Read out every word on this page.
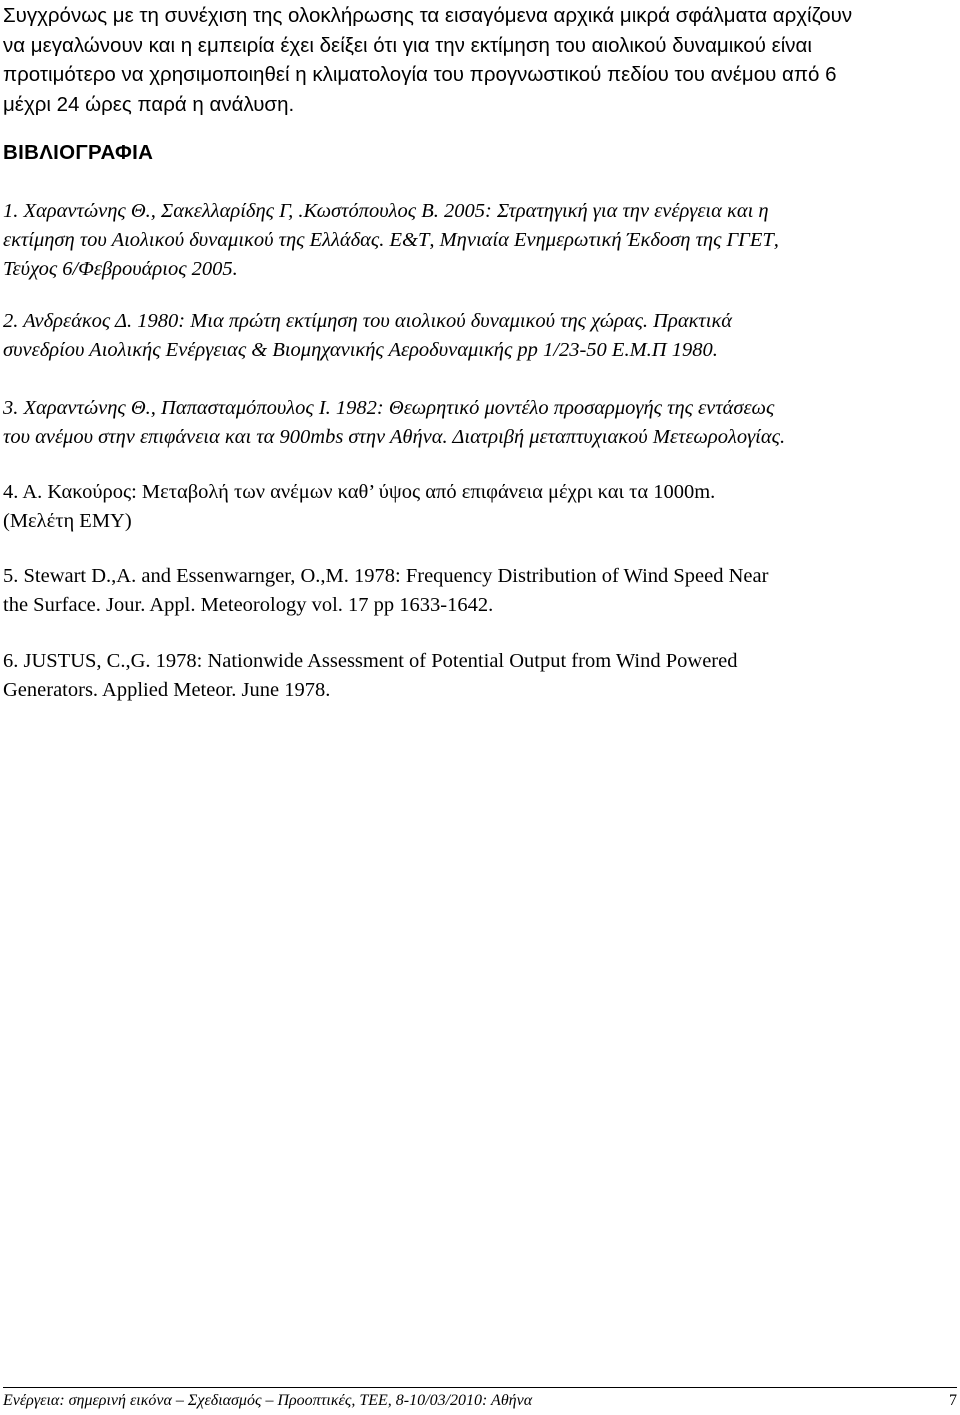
Συγχρόνως με τη συνέχιση της ολοκλήρωσης τα εισαγόμενα αρχικά μικρά σφάλματα αρχίζουν
να μεγαλώνουν και η εμπειρία έχει δείξει ότι για την εκτίμηση του αιολικού δυναμικού είναι
προτιμότερο να χρησιμοποιηθεί η κλιματολογία του προγνωστικού πεδίου του ανέμου από 6
μέχρι 24 ώρες παρά η ανάλυση.
ΒΙΒΛΙΟΓΡΑΦΙΑ
1. Χαραντώνης Θ., Σακελλαρίδης Γ, .Κωστόπουλος Β. 2005: Στρατηγική για την ενέργεια και η
εκτίμηση του Αιολικού δυναμικού της Ελλάδας. Ε&Τ, Μηνιαία Ενημερωτική Έκδοση της ΓΓΕΤ,
Τεύχος 6/Φεβρουάριος 2005.
2. Ανδρεάκος Δ. 1980: Μια πρώτη εκτίμηση του αιολικού δυναμικού της χώρας. Πρακτικά
συνεδρίου Αιολικής Ενέργειας & Βιομηχανικής Αεροδυναμικής pp 1/23-50 Ε.Μ.Π 1980.
3. Χαραντώνης Θ., Παπασταμόπουλος Ι. 1982: Θεωρητικό μοντέλο προσαρμογής της εντάσεως
του ανέμου στην επιφάνεια και τα 900mbs στην Αθήνα. Διατριβή μεταπτυχιακού Μετεωρολογίας.
4. Α. Κακούρος: Μεταβολή των ανέμων καθ’ ύψος από επιφάνεια μέχρι και τα 1000m.
(Μελέτη ΕΜΥ)
5. Stewart D.,A. and Essenwarnger, O.,M. 1978: Frequency Distribution of Wind Speed Near
the Surface. Jour. Appl. Meteorology vol. 17 pp 1633-1642.
6. JUSTUS, C.,G. 1978: Nationwide Assessment of Potential Output from Wind Powered
Generators. Applied Meteor. June 1978.
Ενέργεια: σημερινή εικόνα – Σχεδιασμός – Προοπτικές, ΤΕΕ, 8-10/03/2010: Αθήνα	7
